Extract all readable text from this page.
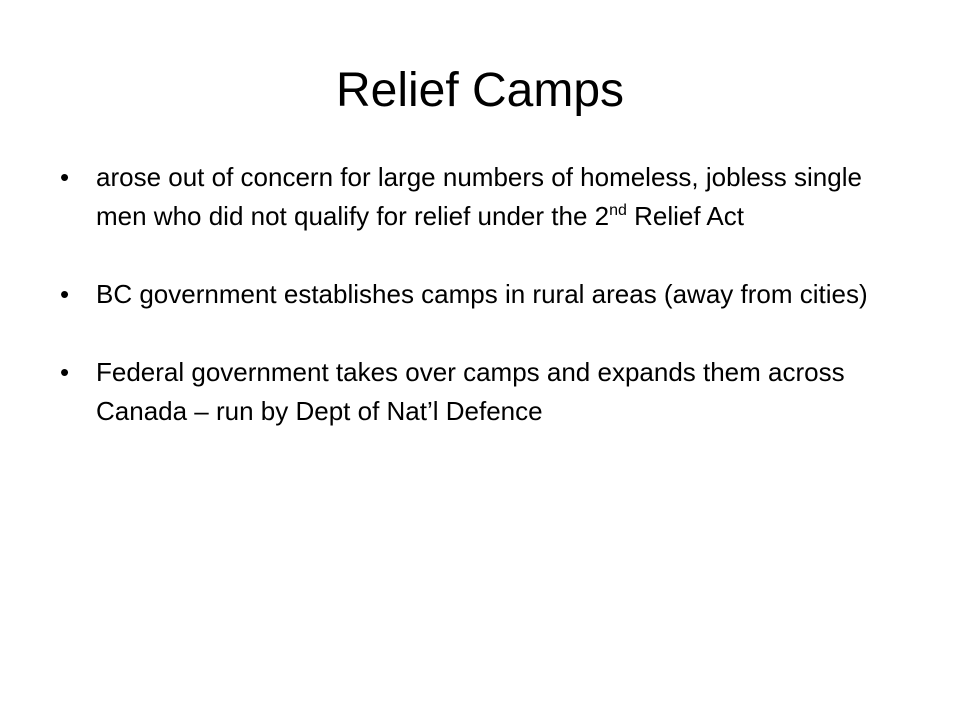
Relief Camps
• arose out of concern for large numbers of homeless, jobless single men who did not qualify for relief under the 2nd Relief Act
• BC government establishes camps in rural areas (away from cities)
• Federal government takes over camps and expands them across Canada – run by Dept of Nat’l Defence
